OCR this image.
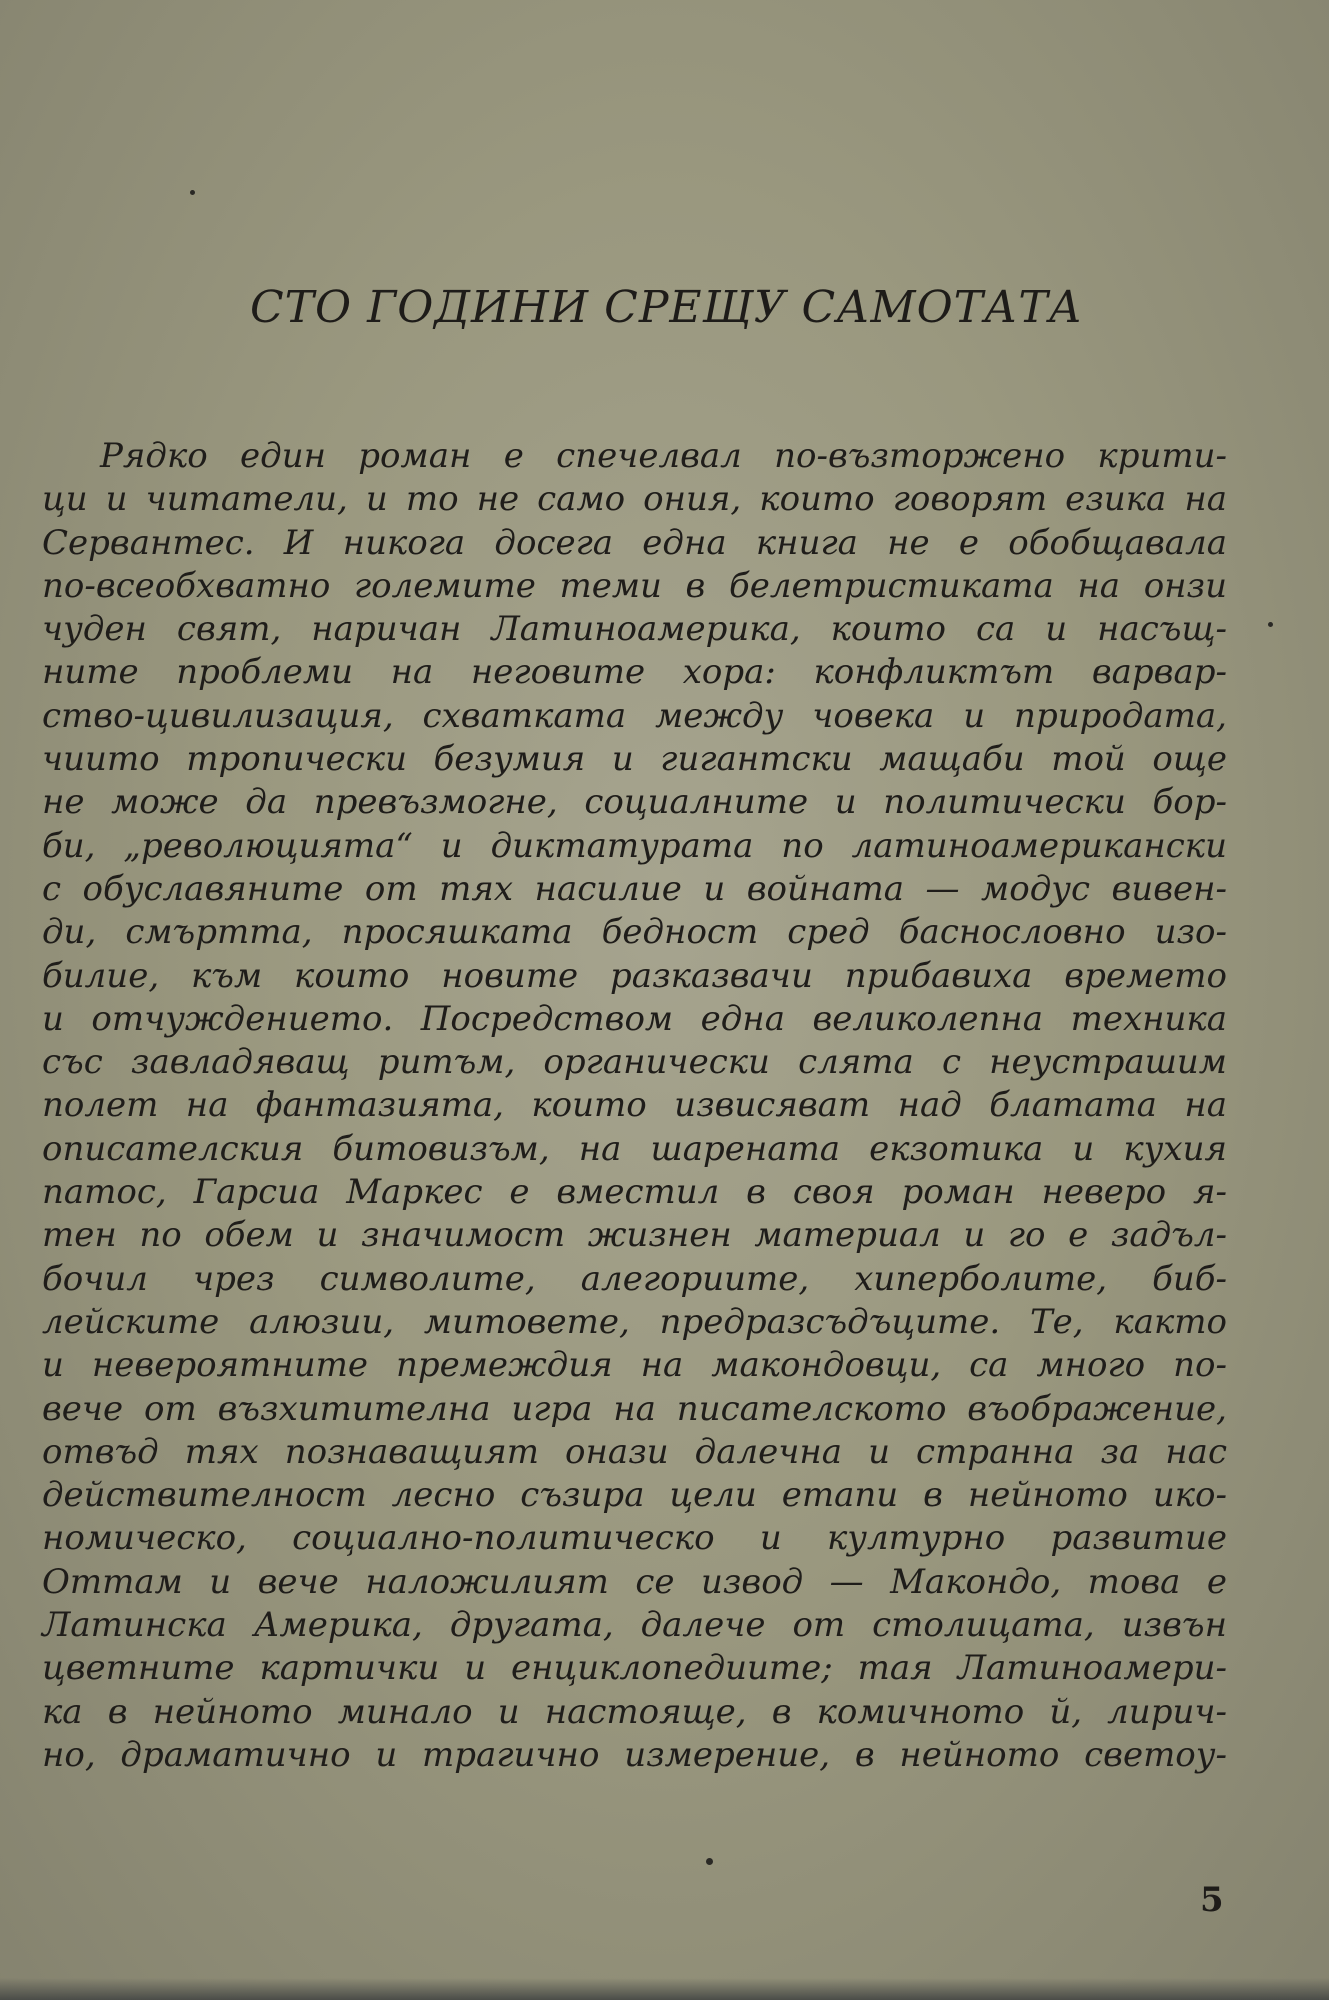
СТО ГОДИНИ СРЕЩУ САМОТАТА
Рядко един роман е спечелвал по-възторжено крити-
ци и читатели, и то не само ония, които говорят езика на
Сервантес. И никога досега една книга не е обобщавала
по-всеобхватно големите теми в белетристиката на онзи
чуден свят, наричан Латиноамерика, които са и насъщ-
ните проблеми на неговите хора: конфликтът варвар-
ство-цивилизация, схватката между човека и природата,
чиито тропически безумия и гигантски мащаби той още
не може да превъзмогне, социалните и политически бор-
би, „революцията“ и диктатурата по латиноамерикански
с обуславяните от тях насилие и войната — модус вивен-
ди, смъртта, просяшката бедност сред баснословно изо-
билие, към които новите разказвачи прибавиха времето
и отчуждението. Посредством една великолепна техника
със завладяващ ритъм, органически слята с неустрашим
полет на фантазията, които извисяват над блатата на
описателския битовизъм, на шарената екзотика и кухия
патос, Гарсиа Маркес е вместил в своя роман неверо я-
тен по обем и значимост жизнен материал и го е задъл-
бочил чрез символите, алегориите, хиперболите, биб-
лейските алюзии, митовете, предразсъдъците. Те, както
и невероятните премеждия на макондовци, са много по-
вече от възхитителна игра на писателското въображение,
отвъд тях познаващият онази далечна и странна за нас
действителност лесно съзира цели етапи в нейното ико-
номическо, социално-политическо и културно развитие
Оттам и вече наложилият се извод — Макондо, това е
Латинска Америка, другата, далече от столицата, извън
цветните картички и енциклопедиите; тая Латиноамери-
ка в нейното минало и настояще, в комичното й, лирич-
но, драматично и трагично измерение, в нейното светоу-
5
